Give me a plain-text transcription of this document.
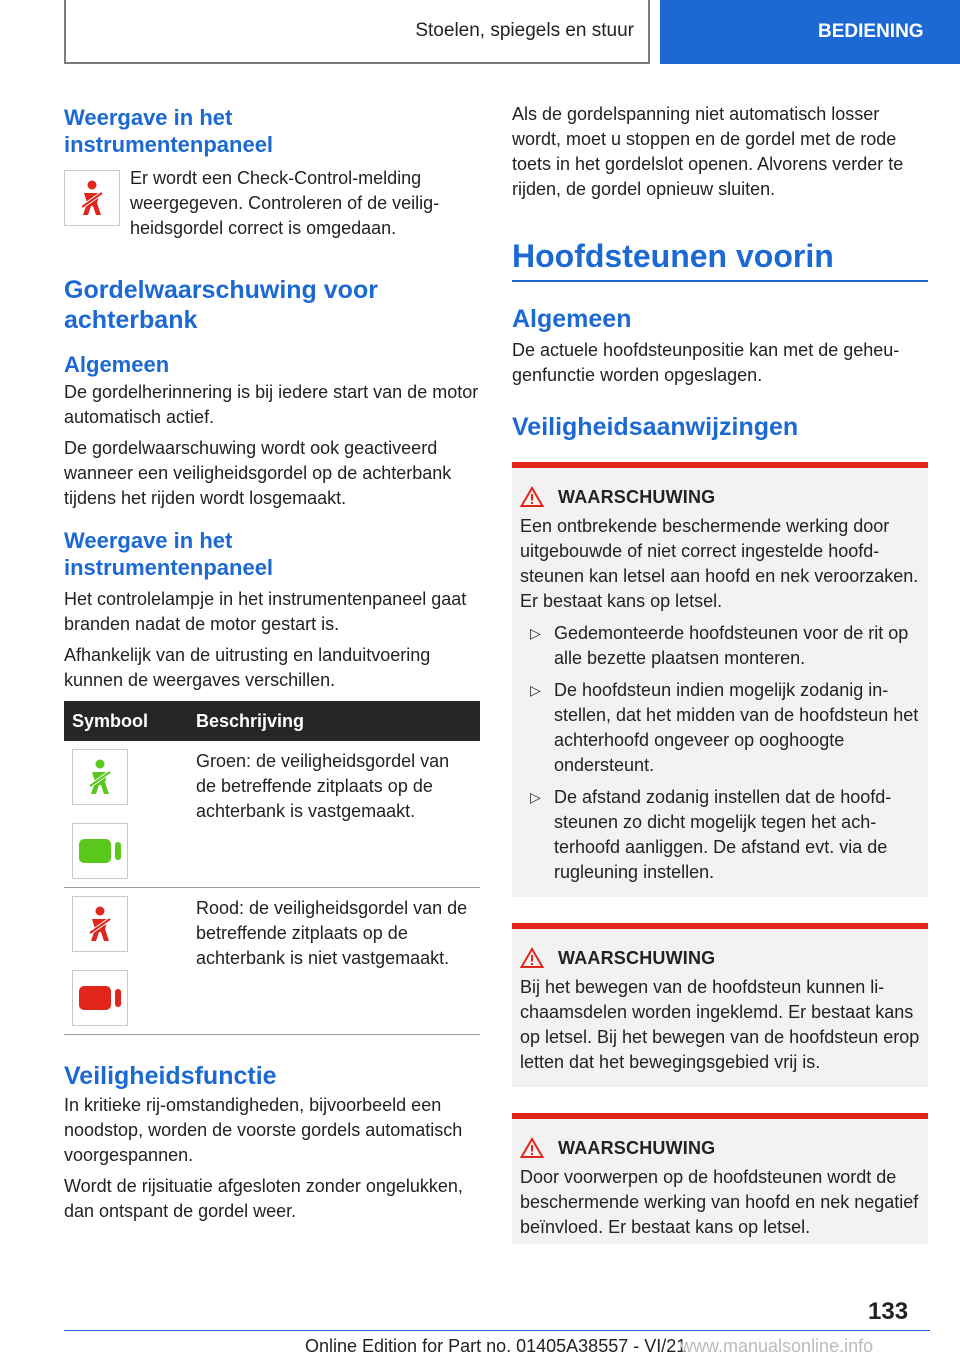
Stoelen, spiegels en stuur	BEDIENING
Weergave in het instrumentenpaneel
Er wordt een Check-Control-melding weergegeven. Controleren of de veiligheidsgordel correct is omgedaan.
Gordelwaarschuwing voor achterbank
Algemeen
De gordelherinnering is bij iedere start van de motor automatisch actief.
De gordelwaarschuwing wordt ook geactiveerd wanneer een veiligheidsgordel op de achterbank tijdens het rijden wordt losgemaakt.
Weergave in het instrumentenpaneel
Het controlelampje in het instrumentenpaneel gaat branden nadat de motor gestart is.
Afhankelijk van de uitrusting en landuitvoering kunnen de weergaves verschillen.
Symbool	Beschrijving

	Groen: de veiligheidsgordel van de betreffende zitplaats op de achterbank is vastgemaakt.

	Rood: de veiligheidsgordel van de betreffende zitplaats op de achterbank is niet vastgemaakt.
Veiligheidsfunctie
In kritieke rij-omstandigheden, bijvoorbeeld een noodstop, worden de voorste gordels automatisch voorgespannen.
Wordt de rijsituatie afgesloten zonder ongelukken, dan ontspant de gordel weer.
Als de gordelspanning niet automatisch losser wordt, moet u stoppen en de gordel met de rode toets in het gordelslot openen. Alvorens verder te rijden, de gordel opnieuw sluiten.
Hoofdsteunen voorin
Algemeen
De actuele hoofdsteunpositie kan met de geheugenfunctie worden opgeslagen.
Veiligheidsaanwijzingen
WAARSCHUWING
Een ontbrekende beschermende werking door uitgebouwde of niet correct ingestelde hoofdsteunen kan letsel aan hoofd en nek veroorzaken. Er bestaat kans op letsel.
▷ Gedemonteerde hoofdsteunen voor de rit op alle bezette plaatsen monteren.
▷ De hoofdsteun indien mogelijk zodanig instellen, dat het midden van de hoofdsteun het achterhoofd ongeveer op ooghoogte ondersteunt.
▷ De afstand zodanig instellen dat de hoofdsteunen zo dicht mogelijk tegen het achterhoofd aanliggen. De afstand evt. via de rugleuning instellen.
WAARSCHUWING
Bij het bewegen van de hoofdsteun kunnen lichaamsdelen worden ingeklemd. Er bestaat kans op letsel. Bij het bewegen van de hoofdsteun erop letten dat het bewegingsgebied vrij is.
WAARSCHUWING
Door voorwerpen op de hoofdsteunen wordt de beschermende werking van hoofd en nek negatief beïnvloed. Er bestaat kans op letsel.
133
Online Edition for Part no. 01405A38557 - VI/21
www.manualsonline.info
